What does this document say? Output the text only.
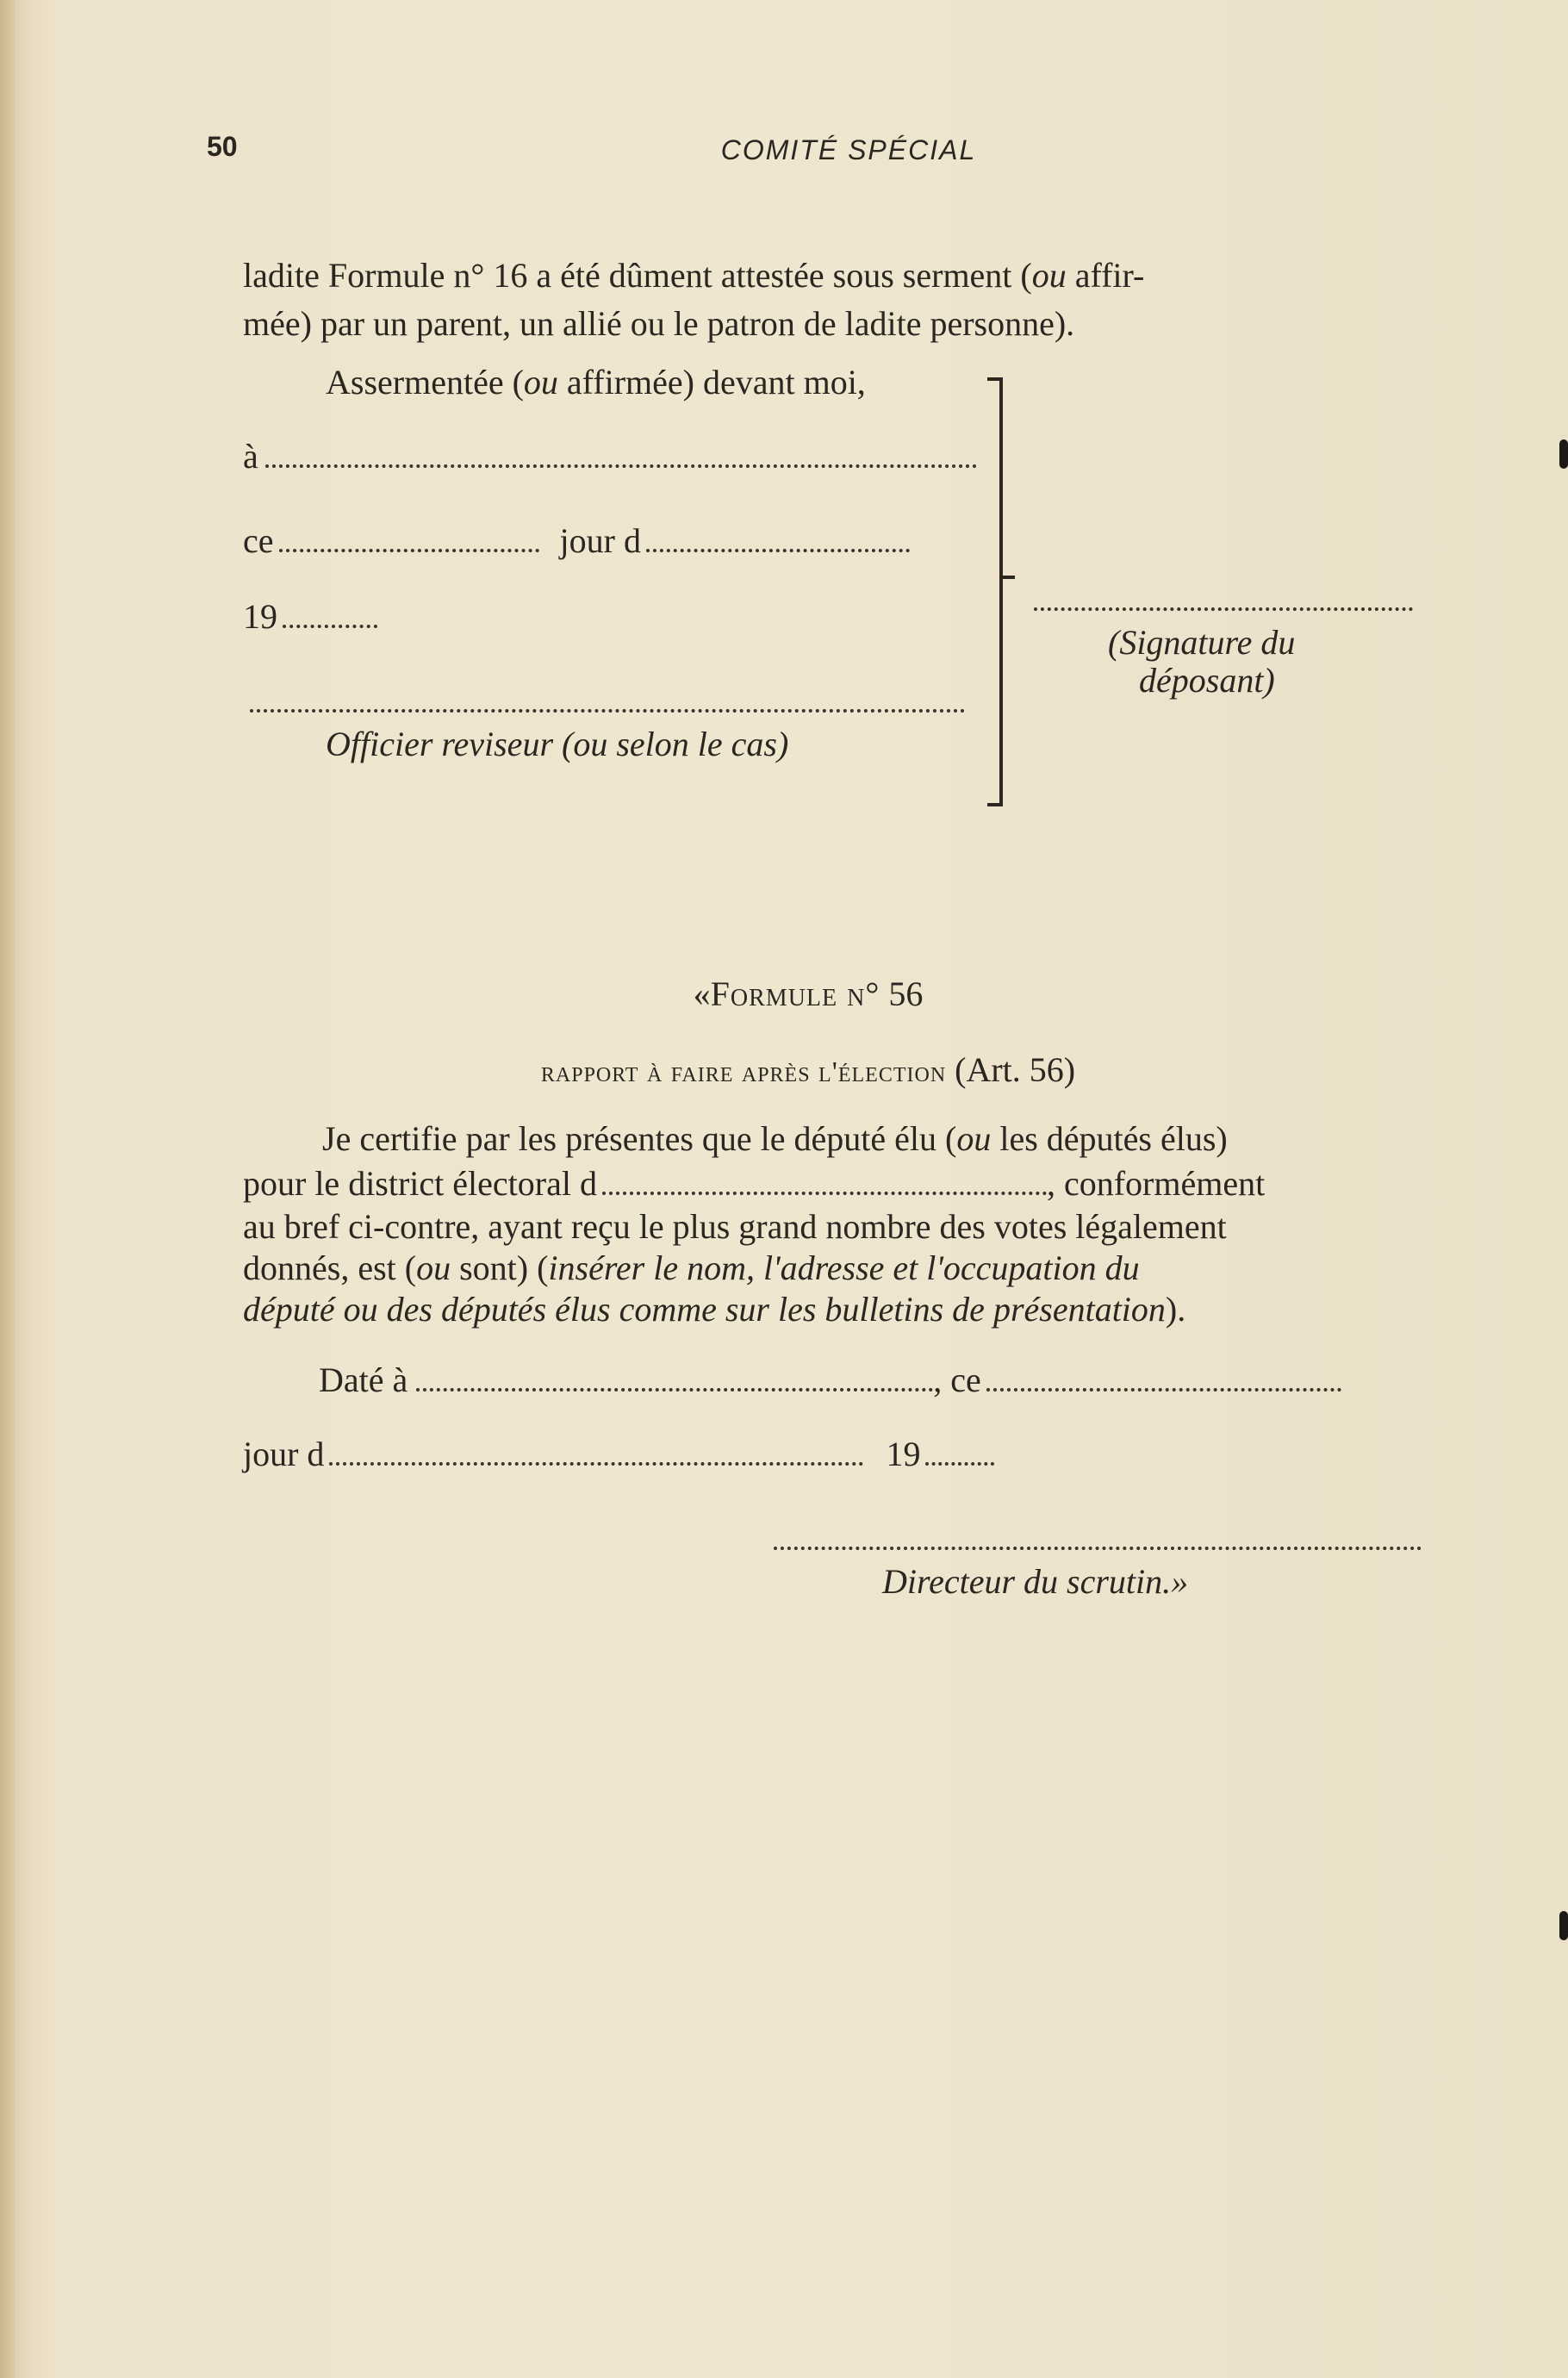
50	COMITÉ SPÉCIAL
ladite Formule n° 16 a été dûment attestée sous serment (ou affir-
mée) par un parent, un allié ou le patron de ladite personne).
Assermentée (ou affirmée) devant moi,
à
ce	jour d
19
Officier reviseur (ou selon le cas)
(Signature du
déposant)
«Formule n° 56
rapport à faire après l'élection (Art. 56)
Je certifie par les présentes que le député élu (ou les députés élus)
pour le district électoral d	, conformément
au bref ci-contre, ayant reçu le plus grand nombre des votes légalement
donnés, est (ou sont) (insérer le nom, l'adresse et l'occupation du
député ou des députés élus comme sur les bulletins de présentation).
Daté à	, ce
jour d	19
Directeur du scrutin.»
